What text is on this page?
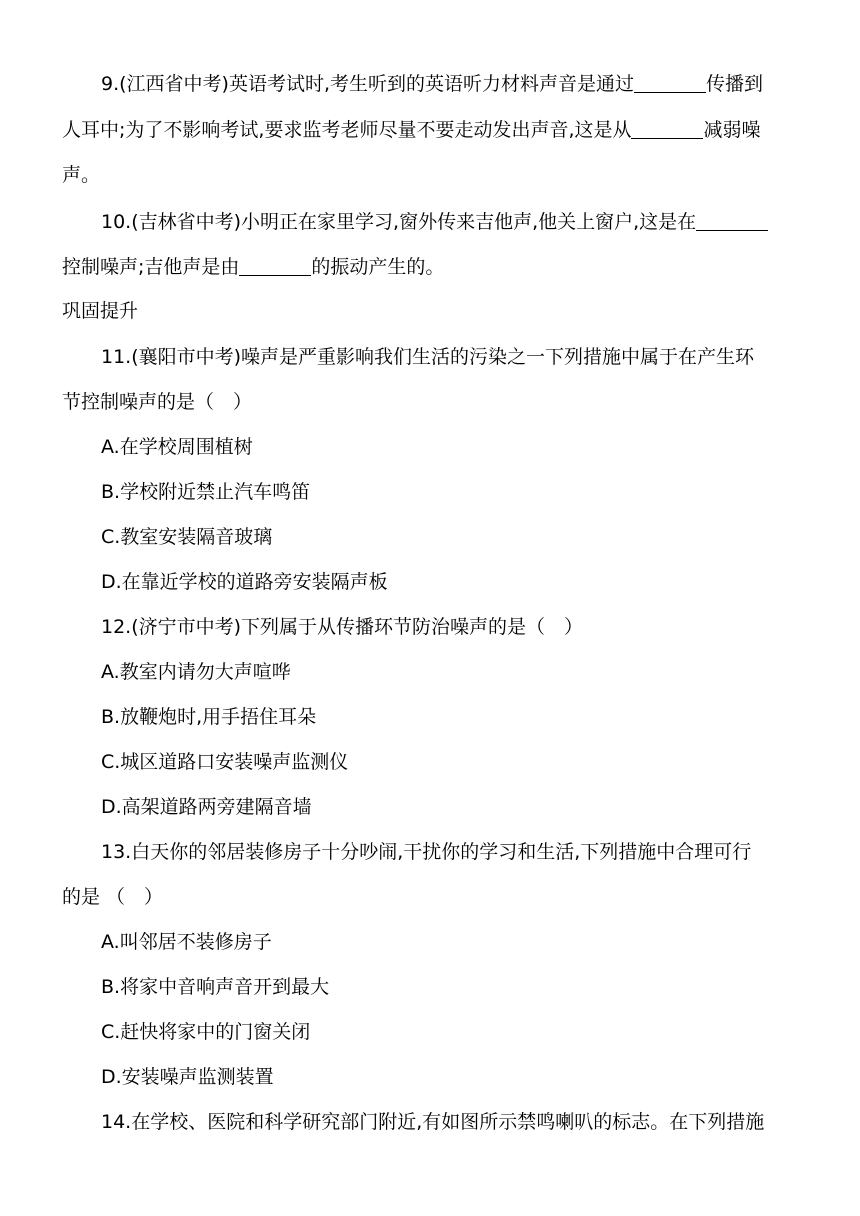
9.(江西省中考)英语考试时,考生听到的英语听力材料声音是通过	传播到
人耳中;为了不影响考试,要求监考老师尽量不要走动发出声音,这是从	减弱噪
声。
10.(吉林省中考)小明正在家里学习,窗外传来吉他声,他关上窗户,这是在
控制噪声;吉他声是由	的振动产生的。
巩固提升
11.(襄阳市中考)噪声是严重影响我们生活的污染之一下列措施中属于在产生环
节控制噪声的是（　）
A.在学校周围植树
B.学校附近禁止汽车鸣笛
C.教室安装隔音玻璃
D.在靠近学校的道路旁安装隔声板
12.(济宁市中考)下列属于从传播环节防治噪声的是（　）
A.教室内请勿大声喧哗
B.放鞭炮时,用手捂住耳朵
C.城区道路口安装噪声监测仪
D.高架道路两旁建隔音墙
13.白天你的邻居装修房子十分吵闹,干扰你的学习和生活,下列措施中合理可行
的是 （　）
A.叫邻居不装修房子
B.将家中音响声音开到最大
C.赶快将家中的门窗关闭
D.安装噪声监测装置
14.在学校、医院和科学研究部门附近,有如图所示禁鸣喇叭的标志。在下列措施
